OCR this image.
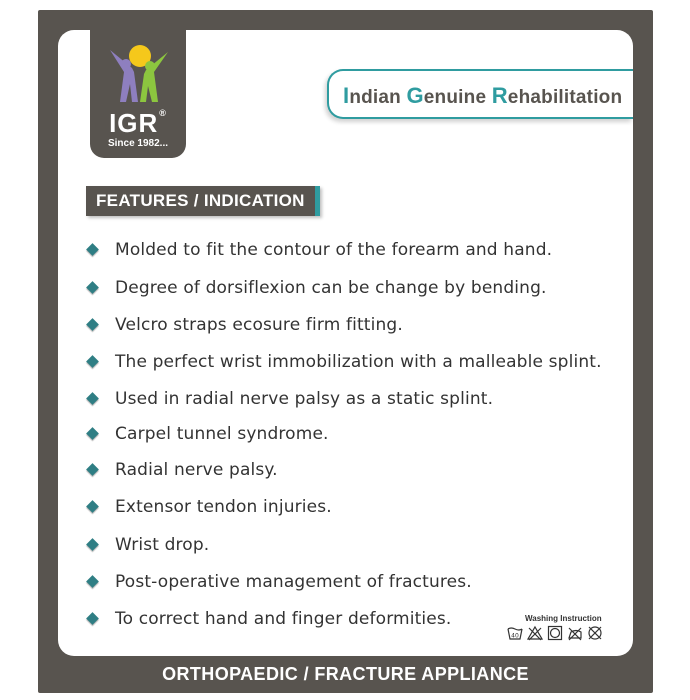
IGR®
Since 1982...
Indian Genuine Rehabilitation
FEATURES / INDICATION
Molded to fit the contour of the forearm and hand.
Degree of dorsiflexion can be change by bending.
Velcro straps ecosure firm fitting.
The perfect wrist immobilization with a malleable splint.
Used in radial nerve palsy as a static splint.
Carpel tunnel syndrome.
Radial nerve palsy.
Extensor tendon injuries.
Wrist drop.
Post-operative management of fractures.
To correct hand and finger deformities.	Washing Instruction
40
ORTHOPAEDIC / FRACTURE APPLIANCE
